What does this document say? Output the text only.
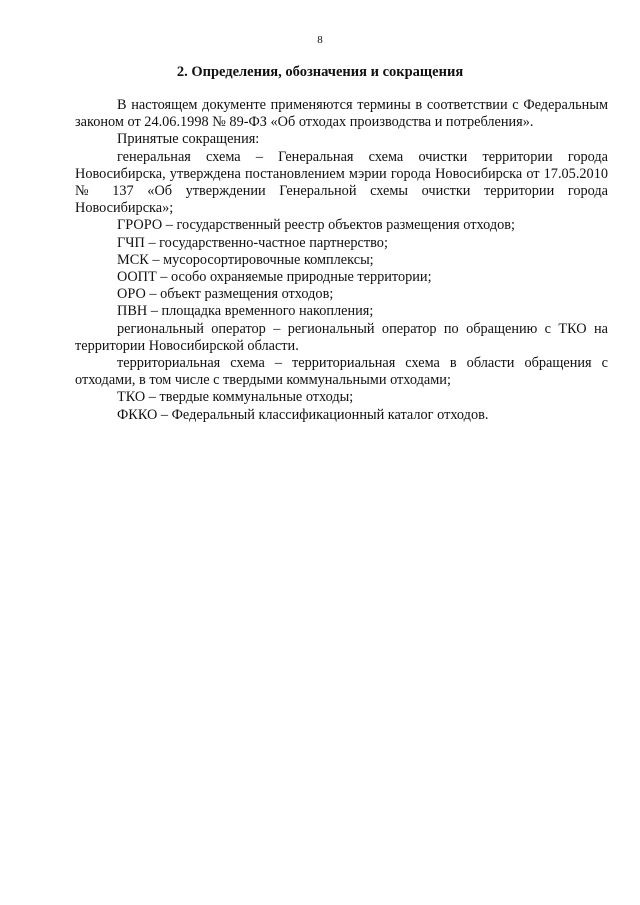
8
2. Определения, обозначения и сокращения

В настоящем документе применяются термины в соответствии с Федеральным законом от 24.06.1998 № 89-ФЗ «Об отходах производства и потребления».

Принятые сокращения:

генеральная схема – Генеральная схема очистки территории города Новосибирска, утверждена постановлением мэрии города Новосибирска от 17.05.2010 № 137 «Об утверждении Генеральной схемы очистки территории города Новосибирска»;

ГРОРО – государственный реестр объектов размещения отходов;

ГЧП – государственно-частное партнерство;

МСК – мусоросортировочные комплексы;

ООПТ – особо охраняемые природные территории;

ОРО – объект размещения отходов;

ПВН – площадка временного накопления;

региональный оператор – региональный оператор по обращению с ТКО на территории Новосибирской области.

территориальная схема – территориальная схема в области обращения с отходами, в том числе с твердыми коммунальными отходами;

ТКО – твердые коммунальные отходы;

ФККО – Федеральный классификационный каталог отходов.
